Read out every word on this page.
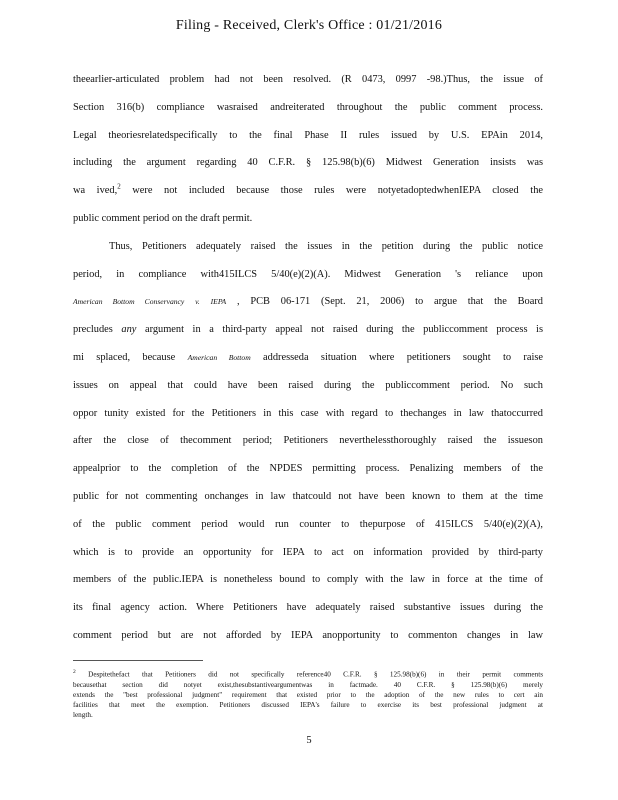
Filing - Received, Clerk's Office : 01/21/2016

theearlier-articulated problem had not been resolved. (R 0473, 0997 -98.)Thus, the issue of

Section 316(b) compliance wasraised andreiterated throughout the public comment process.

Legal theoriesrelatedspecifically to the final Phase II rules issued by U.S. EPAin 2014,

including the argument regarding 40 C.F.R. § 125.98(b)(6) Midwest Generation insists was

wa ived,$^2$ were not included because those rules were notyetadoptedwhenIEPA closed the

public comment period on the draft permit.

Thus, Petitioners adequately raised the issues in the petition during the public notice

period, in compliance with415ILCS 5/40(e)(2)(A). Midwest Generation 's reliance upon

American Bottom Conservancy v. IEPA , PCB 06-171 (Sept. 21, 2006) to argue that the Board

precludes any argument in a third-party appeal not raised during the publiccomment process is

mi splaced, because American Bottom addresseda situation where petitioners sought to raise

issues on appeal that could have been raised during the publiccomment period. No such

oppor tunity existed for the Petitioners in this case with regard to thechanges in law thatoccurred

after the close of thecomment period; Petitioners neverthelessthoroughly raised the issueson

appealprior to the completion of the NPDES permitting process. Penalizing members of the

public for not commenting onchanges in law thatcould not have been known to them at the time

of the public comment period would run counter to thepurpose of 415ILCS 5/40(e)(2)(A),

which is to provide an opportunity for IEPA to act on information provided by third-party

members of the public.IEPA is nonetheless bound to comply with the law in force at the time of

its final agency action. Where Petitioners have adequately raised substantive issues during the

comment period but are not afforded by IEPA anopportunity to commenton changes in law

$^2$ Despitethefact that Petitioners did not specifically reference40 C.F.R. § 125.98(b)(6) in their permit comments

becausethat section did notyet exist,thesubstantiveargumentwas in factmade. 40 C.F.R. § 125.98(b)(6) merely

extends the "best professional judgment" requirement that existed prior to the adoption of the new rules to cert ain

facilities that meet the exemption. Petitioners discussed IEPA's failure to exercise its best professional judgment at

length.

5
